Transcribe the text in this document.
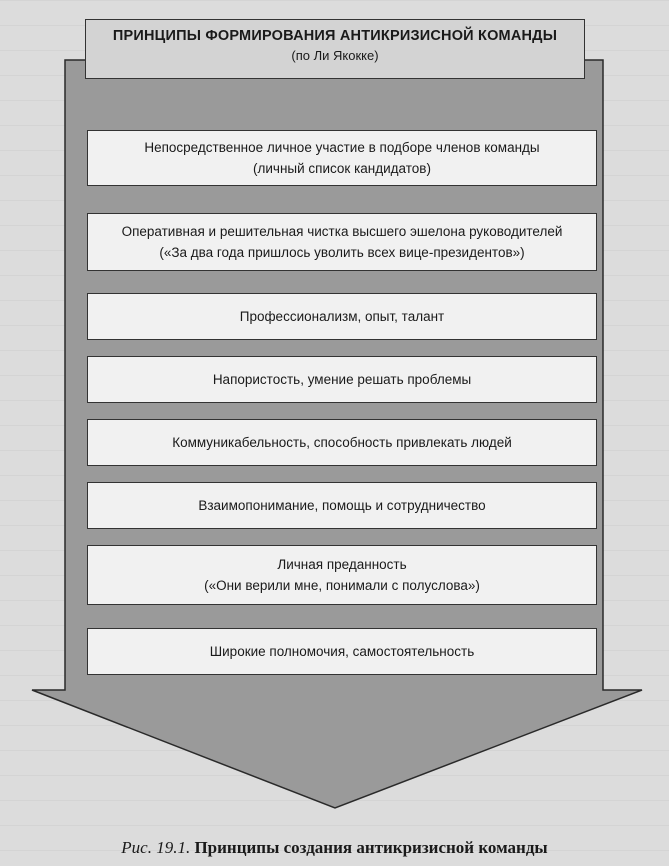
ПРИНЦИПЫ ФОРМИРОВАНИЯ АНТИКРИЗИСНОЙ КОМАНДЫ
(по Ли Якокке)
Непосредственное личное участие в подборе членов команды
(личный список кандидатов)
Оперативная и решительная чистка высшего эшелона руководителей
(«За два года пришлось уволить всех вице-президентов»)
Профессионализм, опыт, талант
Напористость, умение решать проблемы
Коммуникабельность, способность привлекать людей
Взаимопонимание, помощь и сотрудничество
Личная преданность
(«Они верили мне, понимали с полуслова»)
Широкие полномочия, самостоятельность
Рис. 19.1. Принципы создания антикризисной команды
